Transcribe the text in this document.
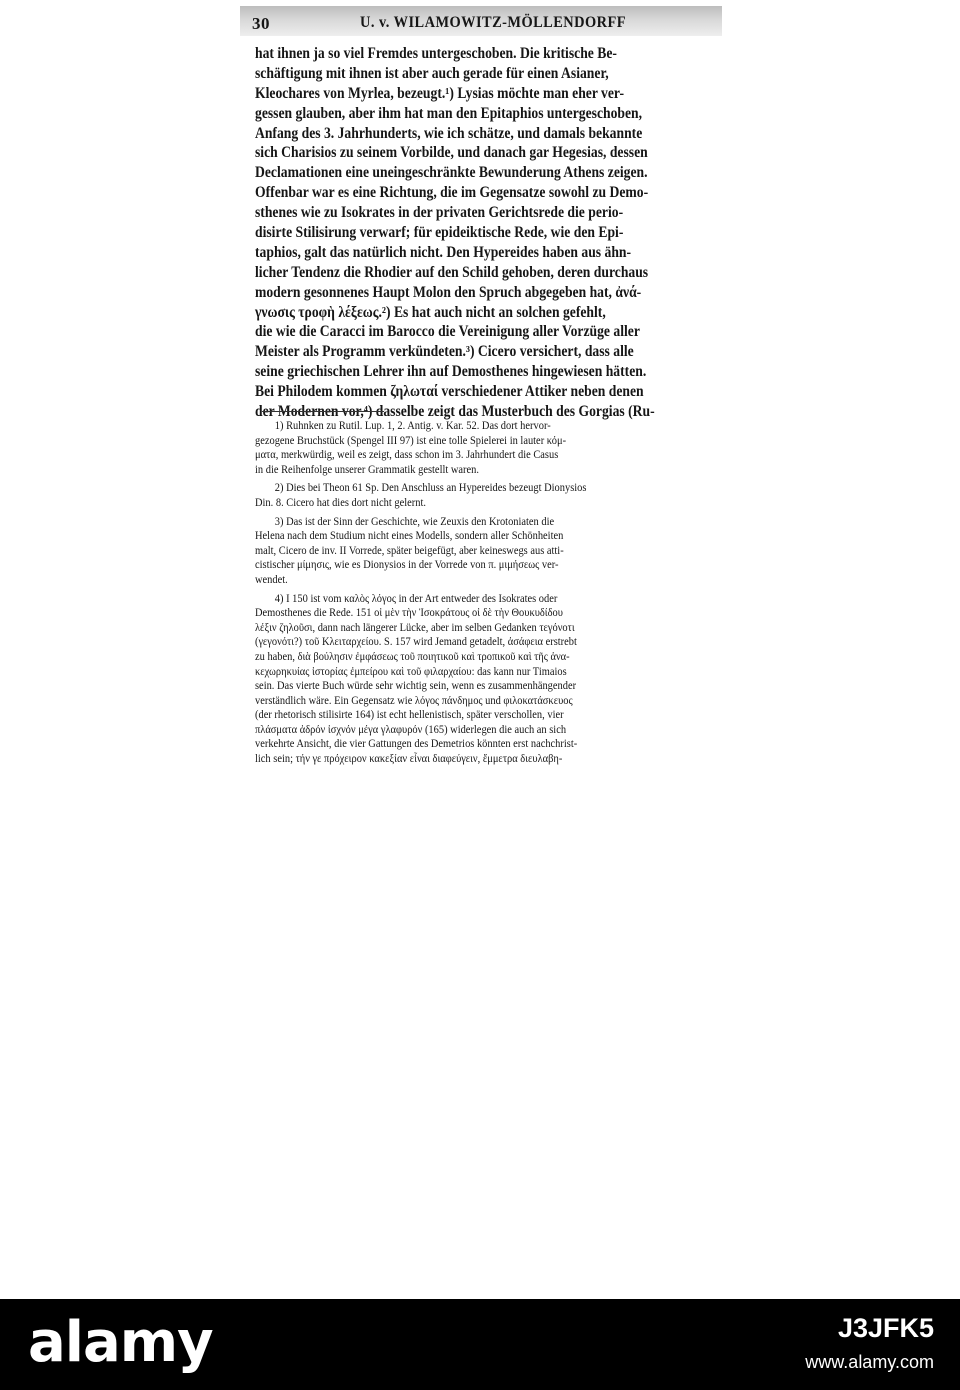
30	U. v. WILAMOWITZ-MÖLLENDORFF
hat ihnen ja so viel Fremdes untergeschoben. Die kritische Be-
schäftigung mit ihnen ist aber auch gerade für einen Asianer,
Kleochares von Myrlea, bezeugt.¹) Lysias möchte man eher ver-
gessen glauben, aber ihm hat man den Epitaphios untergeschoben,
Anfang des 3. Jahrhunderts, wie ich schätze, und damals bekannte
sich Charisios zu seinem Vorbilde, und danach gar Hegesias, dessen
Declamationen eine uneingeschränkte Bewunderung Athens zeigen.
Offenbar war es eine Richtung, die im Gegensatze sowohl zu Demo-
sthenes wie zu Isokrates in der privaten Gerichtsrede die perio-
disirte Stilisirung verwarf; für epideiktische Rede, wie den Epi-
taphios, galt das natürlich nicht. Den Hypereides haben aus ähn-
licher Tendenz die Rhodier auf den Schild gehoben, deren durchaus
modern gesonnenes Haupt Molon den Spruch abgegeben hat, ἀνά-
γνωσις τροφὴ λέξεως.²) Es hat auch nicht an solchen gefehlt,
die wie die Caracci im Barocco die Vereinigung aller Vorzüge aller
Meister als Programm verkündeten.³) Cicero versichert, dass alle
seine griechischen Lehrer ihn auf Demosthenes hingewiesen hätten.
Bei Philodem kommen ζηλωταί verschiedener Attiker neben denen
der Modernen vor,⁴) dasselbe zeigt das Musterbuch des Gorgias (Ru-
1) Ruhnken zu Rutil. Lup. 1, 2. Antig. v. Kar. 52. Das dort hervor-
gezogene Bruchstück (Spengel III 97) ist eine tolle Spielerei in lauter κόμ-
ματα, merkwürdig, weil es zeigt, dass schon im 3. Jahrhundert die Casus
in die Reihenfolge unserer Grammatik gestellt waren.
2) Dies bei Theon 61 Sp. Den Anschluss an Hypereides bezeugt Dionysios
Din. 8. Cicero hat dies dort nicht gelernt.
3) Das ist der Sinn der Geschichte, wie Zeuxis den Krotoniaten die
Helena nach dem Studium nicht eines Modells, sondern aller Schönheiten
malt, Cicero de inv. II Vorrede, später beigefügt, aber keineswegs aus atti-
cistischer μίμησις, wie es Dionysios in der Vorrede von π. μιμήσεως ver-
wendet.
4) I 150 ist vom καλὸς λόγος in der Art entweder des Isokrates oder
Demosthenes die Rede. 151 οἱ μὲν τὴν Ἰσοκράτους οἱ δὲ τὴν Θουκυδίδου
λέξιν ζηλοῦσι, dann nach längerer Lücke, aber im selben Gedanken τεγόνοτι
(γεγονότι?) τοῦ Κλειταρχείου. S. 157 wird Jemand getadelt, ἀσάφεια erstrebt
zu haben, διὰ βούλησιν ἐμφάσεως τοῦ ποιητικοῦ καὶ τροπικοῦ καὶ τῆς ἀνα-
κεχωρηκυίας ἱστορίας ἐμπείρου καὶ τοῦ φιλαρχαίου: das kann nur Timaios
sein. Das vierte Buch würde sehr wichtig sein, wenn es zusammenhängender
verständlich wäre. Ein Gegensatz wie λόγος πάνδημος und φιλοκατάσκευος
(der rhetorisch stilisirte 164) ist echt hellenistisch, später verschollen, vier
πλάσματα ἁδρόν ἰσχνόν μέγα γλαφυρόν (165) widerlegen die auch an sich
verkehrte Ansicht, die vier Gattungen des Demetrios könnten erst nachchrist-
lich sein; τήν γε πρόχειρον κακεξίαν εἶναι διαφεύγειν, ἔμμετρα διευλαβη-
alamy	J3JFK5
www.alamy.com
